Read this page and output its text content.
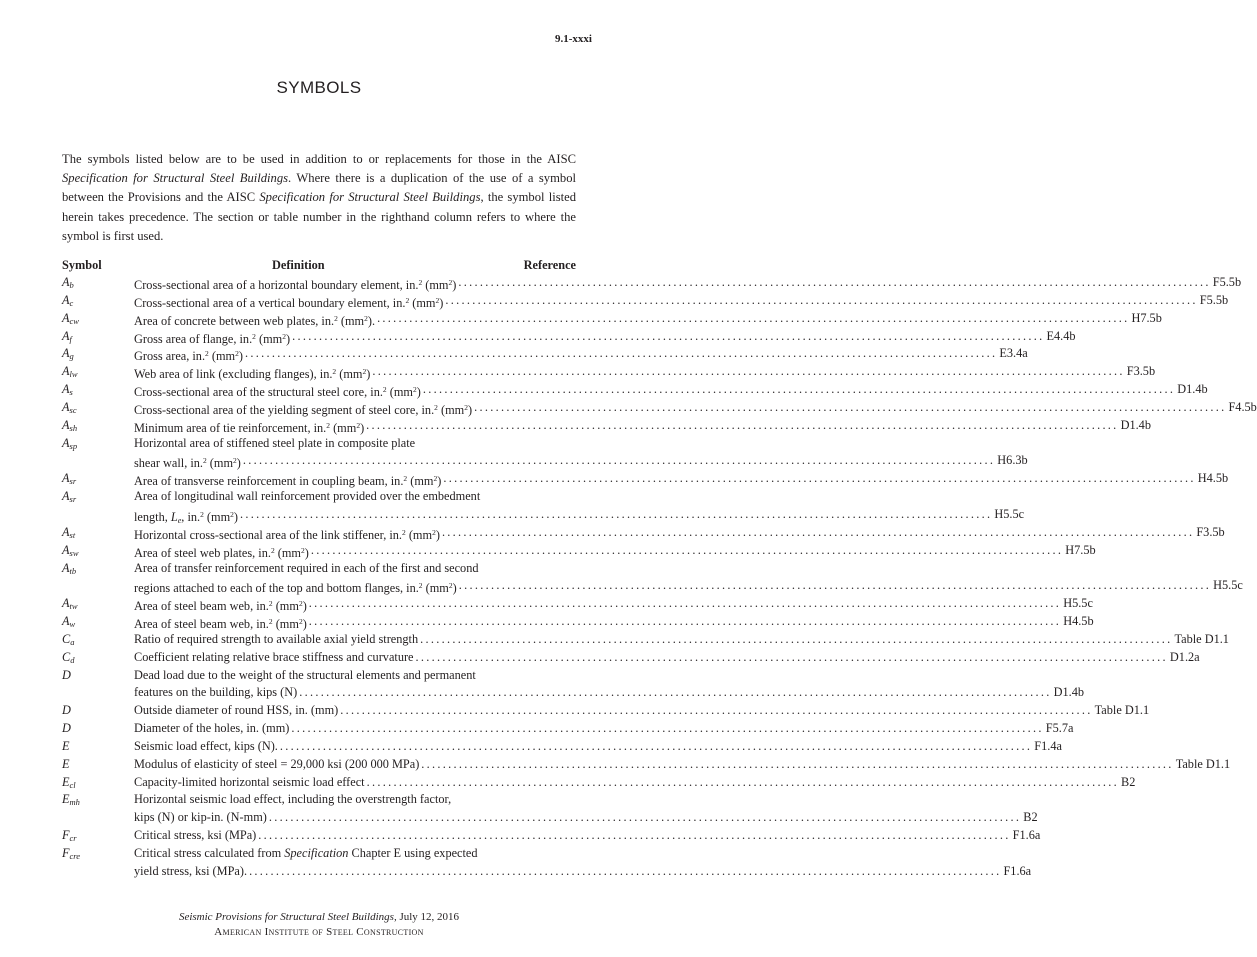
9.1-xxxi
SYMBOLS

The symbols listed below are to be used in addition to or replacements for those in the AISC Specification for Structural Steel Buildings. Where there is a duplication of the use of a symbol between the Provisions and the AISC Specification for Structural Steel Buildings, the symbol listed herein takes precedence. The section or table number in the righthand column refers to where the symbol is first used.

Symbol	Definition	Reference
$A_b$	Cross-sectional area of a horizontal boundary element, in.$^2$ $(mm^2)$ ............................................................................................................................................ F5.5b
$A_c$	Cross-sectional area of a vertical boundary element, in.$^2$ $(mm^2)$ ............................................................................................................................................ F5.5b
$A_{cw}$	Area of concrete between web plates, in.$^2$ $(mm^2)$. ............................................................................................................................................ H7.5b
$A_f$	Gross area of flange, in.$^2$ $(mm^2)$ ............................................................................................................................................ E4.4b
$A_g$	Gross area, in.$^2$ $(mm^2)$ ............................................................................................................................................ E3.4a
$A_{lw}$	Web area of link (excluding flanges), in.$^2$ $(mm^2)$ ............................................................................................................................................ F3.5b
$A_s$	Cross-sectional area of the structural steel core, in.$^2$ $(mm^2)$ ............................................................................................................................................ D1.4b
$A_{sc}$	Cross-sectional area of the yielding segment of steel core, in.$^2$ $(mm^2)$ ............................................................................................................................................ F4.5b
$A_{sh}$	Minimum area of tie reinforcement, in.$^2$ $(mm^2)$ ............................................................................................................................................ D1.4b
$A_{sp}$	Horizontal area of stiffened steel plate in composite plate
shear wall, in.$^2$ $(mm^2)$ ............................................................................................................................................ H6.3b
$A_{sr}$	Area of transverse reinforcement in coupling beam, in.$^2$ $(mm^2)$ ............................................................................................................................................ H4.5b
$A_{sr}$	Area of longitudinal wall reinforcement provided over the embedment
length, $L_e$, in.$^2$ $(mm^2)$ ............................................................................................................................................ H5.5c
$A_{st}$	Horizontal cross-sectional area of the link stiffener, in.$^2$ $(mm^2)$ ............................................................................................................................................ F3.5b
$A_{sw}$	Area of steel web plates, in.$^2$ $(mm^2)$ ............................................................................................................................................ H7.5b
$A_{tb}$	Area of transfer reinforcement required in each of the first and second
regions attached to each of the top and bottom flanges, in.$^2$ $(mm^2)$ ............................................................................................................................................ H5.5c
$A_{tw}$	Area of steel beam web, in.$^2$ $(mm^2)$ ............................................................................................................................................ H5.5c
$A_w$	Area of steel beam web, in.$^2$ $(mm^2)$ ............................................................................................................................................ H4.5b
$C_a$	Ratio of required strength to available axial yield strength ............................................................................................................................................ Table D1.1
$C_d$	Coefficient relating relative brace stiffness and curvature ............................................................................................................................................ D1.2a
D	Dead load due to the weight of the structural elements and permanent
features on the building, kips (N) ............................................................................................................................................ D1.4b
D	Outside diameter of round HSS, in. (mm) ............................................................................................................................................ Table D1.1
D	Diameter of the holes, in. (mm) ............................................................................................................................................ F5.7a
E	Seismic load effect, kips (N). ............................................................................................................................................ F1.4a
E	Modulus of elasticity of steel = 29,000 ksi (200 000 MPa) ............................................................................................................................................ Table D1.1
$E_{cl}$	Capacity-limited horizontal seismic load effect ............................................................................................................................................ B2
$E_{mh}$	Horizontal seismic load effect, including the overstrength factor,
kips (N) or kip-in. (N-mm) ............................................................................................................................................ B2
$F_{cr}$	Critical stress, ksi (MPa) ............................................................................................................................................ F1.6a
$F_{cre}$	Critical stress calculated from Specification Chapter E using expected
yield stress, ksi (MPa). ............................................................................................................................................ F1.6a
Seismic Provisions for Structural Steel Buildings, July 12, 2016
American Institute of Steel Construction
